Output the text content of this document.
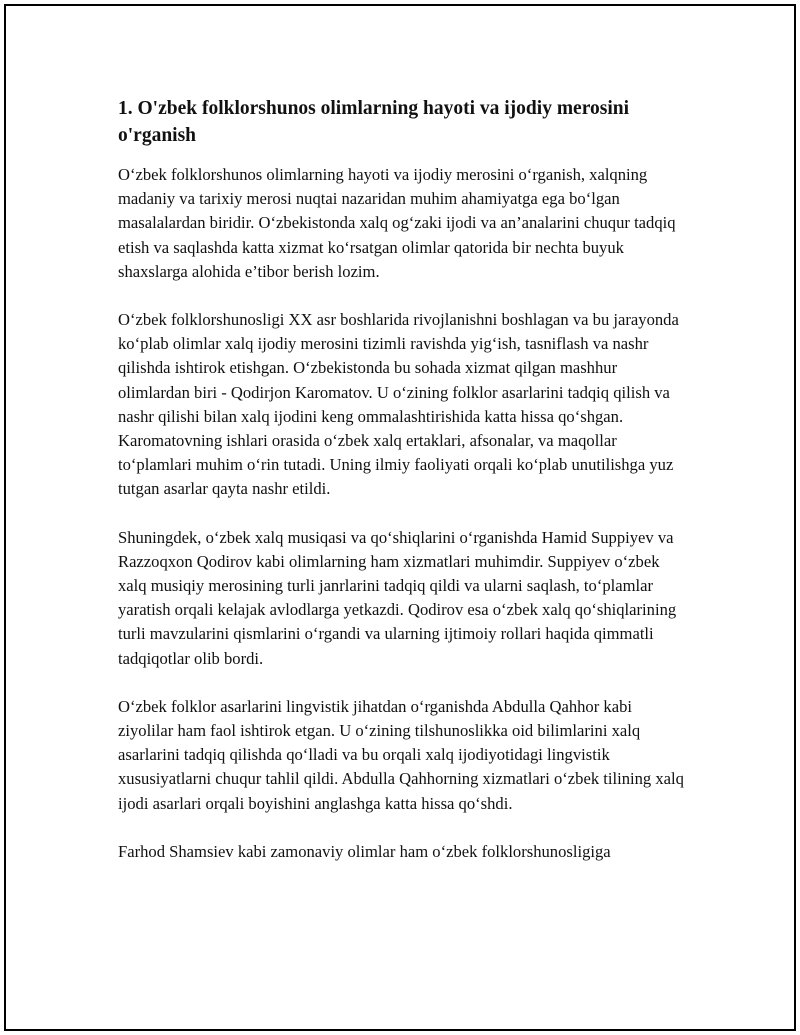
1. O'zbek folklorshunos olimlarning hayoti va ijodiy merosini o'rganish

O‘zbek folklorshunos olimlarning hayoti va ijodiy merosini o‘rganish, xalqning madaniy va tarixiy merosi nuqtai nazaridan muhim ahamiyatga ega bo‘lgan masalalardan biridir. O‘zbekistonda xalq og‘zaki ijodi va an’analarini chuqur tadqiq etish va saqlashda katta xizmat ko‘rsatgan olimlar qatorida bir nechta buyuk shaxslarga alohida e’tibor berish lozim.

O‘zbek folklorshunosligi XX asr boshlarida rivojlanishni boshlagan va bu jarayonda ko‘plab olimlar xalq ijodiy merosini tizimli ravishda yig‘ish, tasniflash va nashr qilishda ishtirok etishgan. O‘zbekistonda bu sohada xizmat qilgan mashhur olimlardan biri - Qodirjon Karomatov. U o‘zining folklor asarlarini tadqiq qilish va nashr qilishi bilan xalq ijodini keng ommalashtirishida katta hissa qo‘shgan. Karomatovning ishlari orasida o‘zbek xalq ertaklari, afsonalar, va maqollar to‘plamlari muhim o‘rin tutadi. Uning ilmiy faoliyati orqali ko‘plab unutilishga yuz tutgan asarlar qayta nashr etildi.

Shuningdek, o‘zbek xalq musiqasi va qo‘shiqlarini o‘rganishda Hamid Suppiyev va Razzoqxon Qodirov kabi olimlarning ham xizmatlari muhimdir. Suppiyev o‘zbek xalq musiqiy merosining turli janrlarini tadqiq qildi va ularni saqlash, to‘plamlar yaratish orqali kelajak avlodlarga yetkazdi. Qodirov esa o‘zbek xalq qo‘shiqlarining turli mavzularini qismlarini o‘rgandi va ularning ijtimoiy rollari haqida qimmatli tadqiqotlar olib bordi.

O‘zbek folklor asarlarini lingvistik jihatdan o‘rganishda Abdulla Qahhor kabi ziyolilar ham faol ishtirok etgan. U o‘zining tilshunoslikka oid bilimlarini xalq asarlarini tadqiq qilishda qo‘lladi va bu orqali xalq ijodiyotidagi lingvistik xususiyatlarni chuqur tahlil qildi. Abdulla Qahhorning xizmatlari o‘zbek tilining xalq ijodi asarlari orqali boyishini anglashga katta hissa qo‘shdi.

Farhod Shamsiev kabi zamonaviy olimlar ham o‘zbek folklorshunosligiga
